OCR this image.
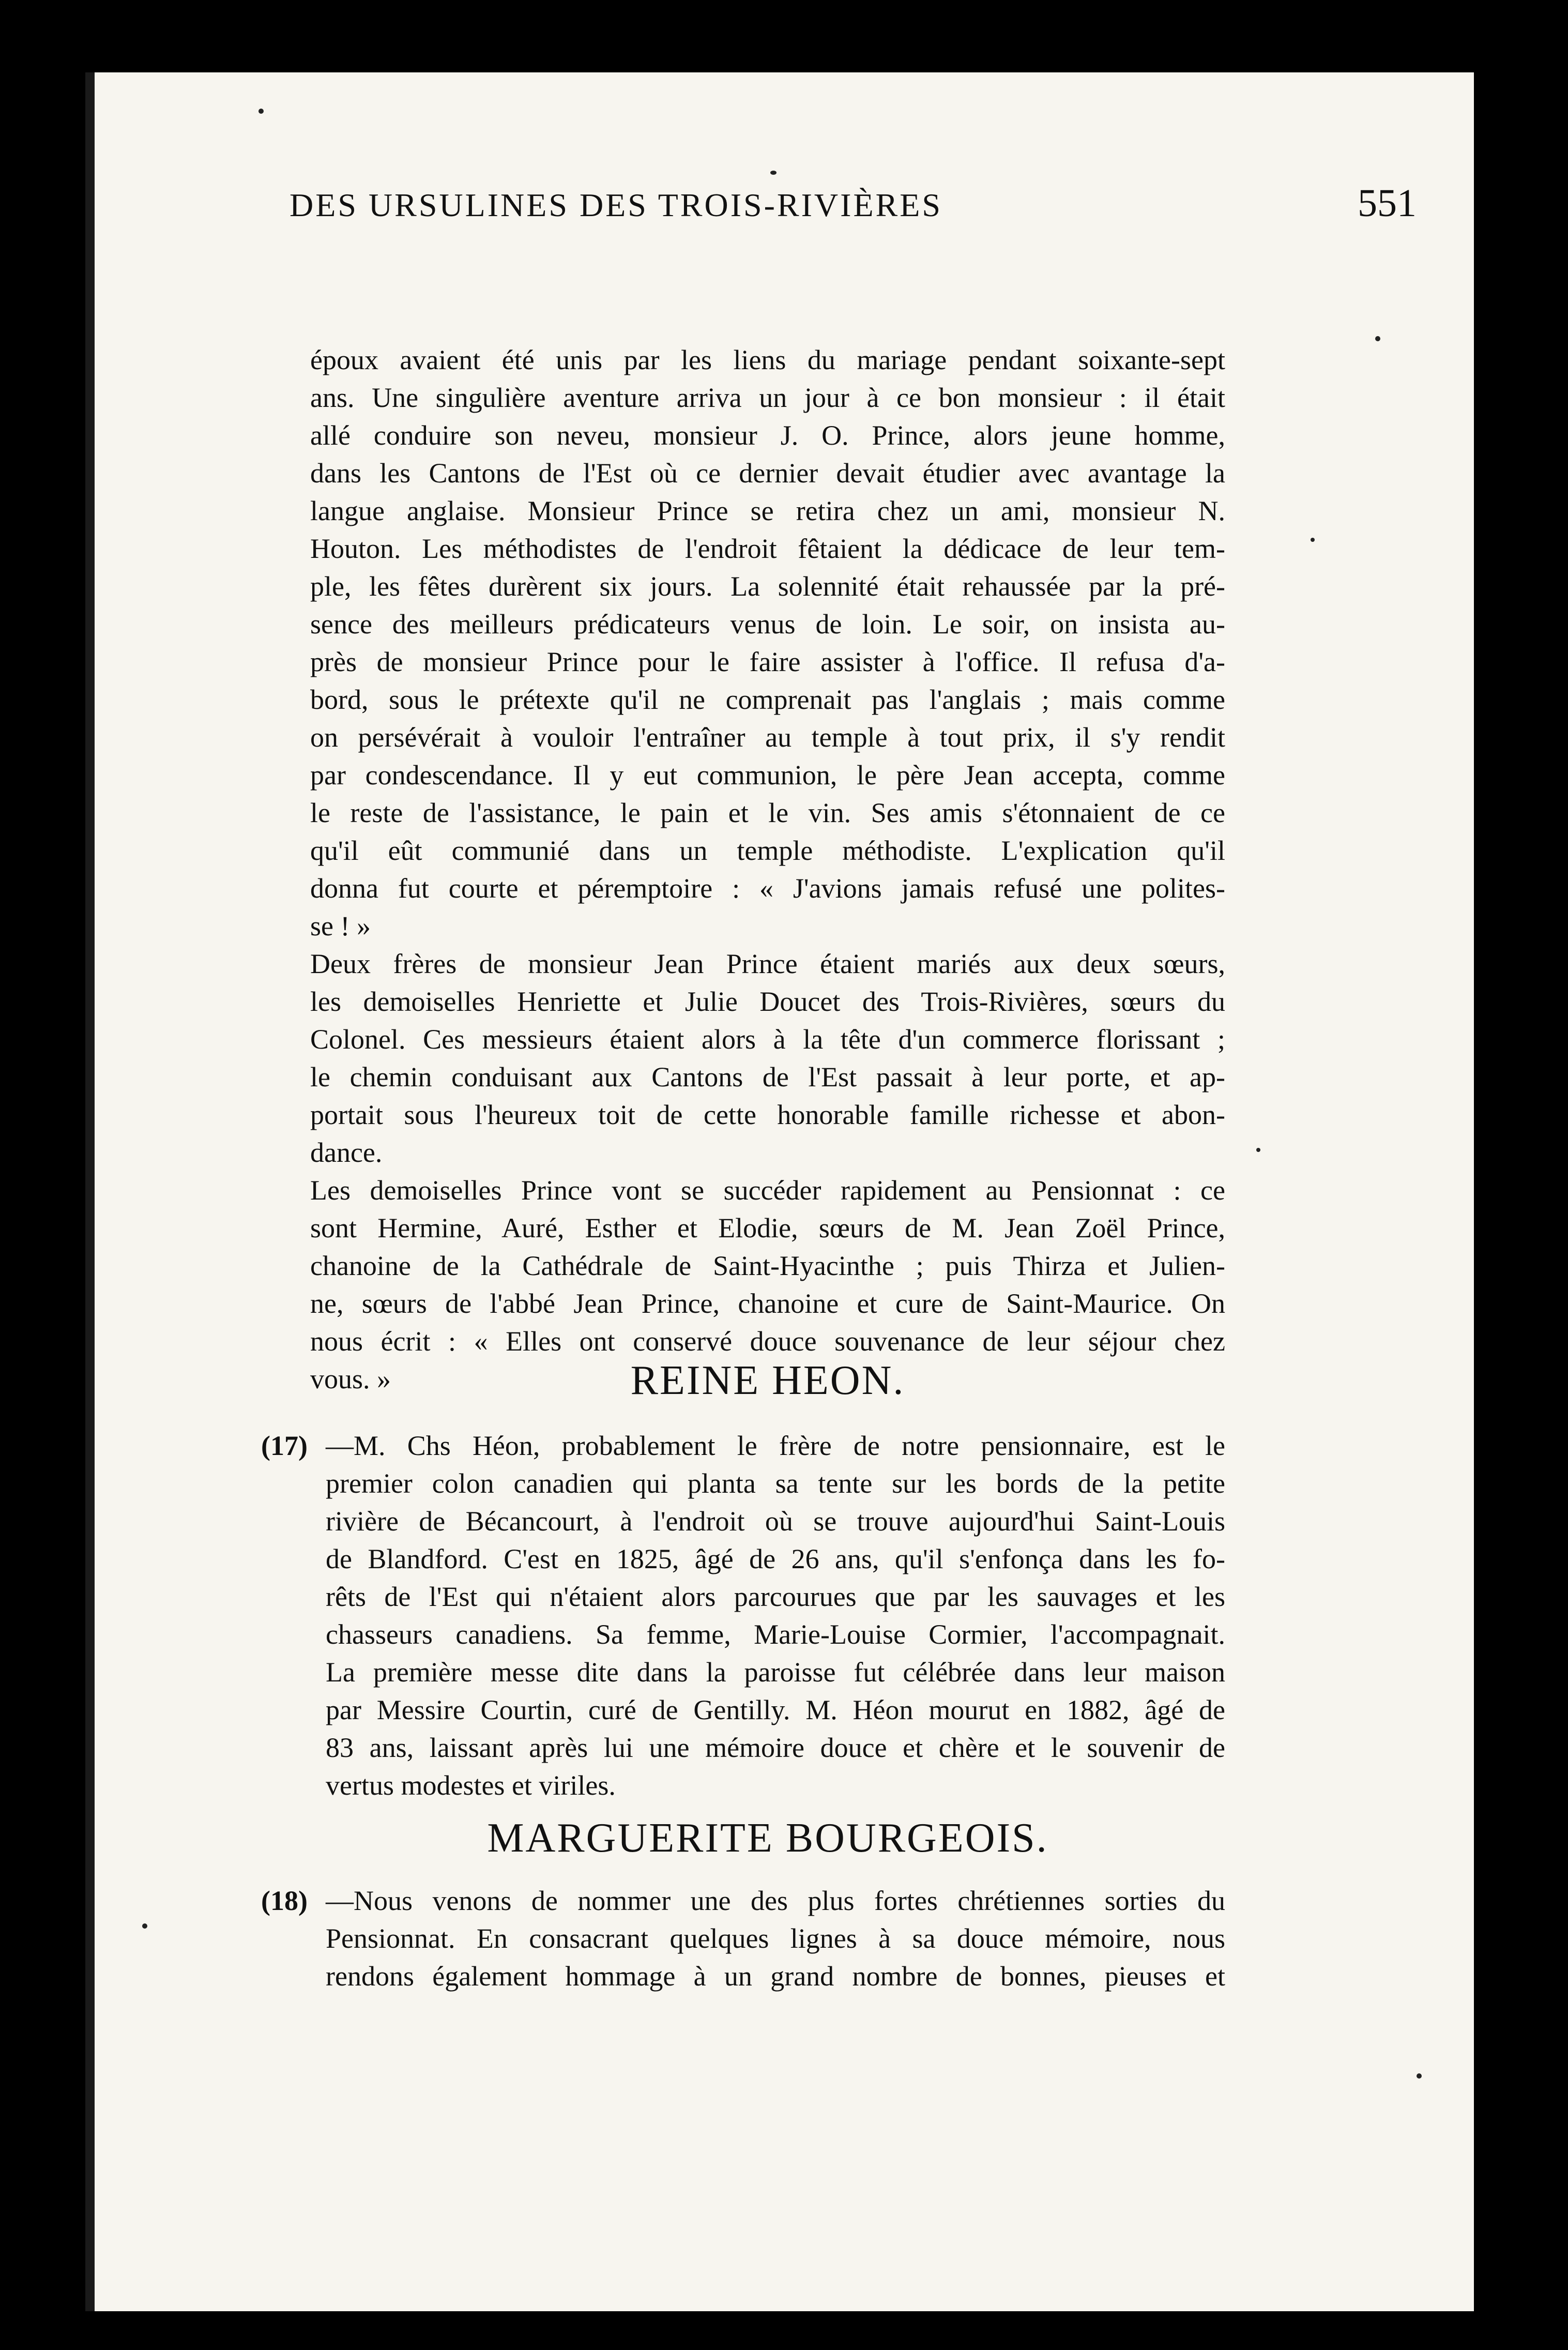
DES URSULINES DES TROIS-RIVIÈRES	551
époux avaient été unis par les liens du mariage pendant soixante-sept
ans. Une singulière aventure arriva un jour à ce bon monsieur : il était
allé conduire son neveu, monsieur J. O. Prince, alors jeune homme,
dans les Cantons de l'Est où ce dernier devait étudier avec avantage la
langue anglaise. Monsieur Prince se retira chez un ami, monsieur N.
Houton. Les méthodistes de l'endroit fêtaient la dédicace de leur tem-
ple, les fêtes durèrent six jours. La solennité était rehaussée par la pré-
sence des meilleurs prédicateurs venus de loin. Le soir, on insista au-
près de monsieur Prince pour le faire assister à l'office. Il refusa d'a-
bord, sous le prétexte qu'il ne comprenait pas l'anglais ; mais comme
on persévérait à vouloir l'entraîner au temple à tout prix, il s'y rendit
par condescendance. Il y eut communion, le père Jean accepta, comme
le reste de l'assistance, le pain et le vin. Ses amis s'étonnaient de ce
qu'il eût communié dans un temple méthodiste. L'explication qu'il
donna fut courte et péremptoire : « J'avions jamais refusé une polites-
se ! »
Deux frères de monsieur Jean Prince étaient mariés aux deux sœurs,
les demoiselles Henriette et Julie Doucet des Trois-Rivières, sœurs du
Colonel. Ces messieurs étaient alors à la tête d'un commerce florissant ;
le chemin conduisant aux Cantons de l'Est passait à leur porte, et ap-
portait sous l'heureux toit de cette honorable famille richesse et abon-
dance.
Les demoiselles Prince vont se succéder rapidement au Pensionnat : ce
sont Hermine, Auré, Esther et Elodie, sœurs de M. Jean Zoël Prince,
chanoine de la Cathédrale de Saint-Hyacinthe ; puis Thirza et Julien-
ne, sœurs de l'abbé Jean Prince, chanoine et cure de Saint-Maurice. On
nous écrit : « Elles ont conservé douce souvenance de leur séjour chez
vous. »	REINE HEON.
(17) —M. Chs Héon, probablement le frère de notre pensionnaire, est le
premier colon canadien qui planta sa tente sur les bords de la petite
rivière de Bécancourt, à l'endroit où se trouve aujourd'hui Saint-Louis
de Blandford. C'est en 1825, âgé de 26 ans, qu'il s'enfonça dans les fo-
rêts de l'Est qui n'étaient alors parcourues que par les sauvages et les
chasseurs canadiens. Sa femme, Marie-Louise Cormier, l'accompagnait.
La première messe dite dans la paroisse fut célébrée dans leur maison
par Messire Courtin, curé de Gentilly. M. Héon mourut en 1882, âgé de
83 ans, laissant après lui une mémoire douce et chère et le souvenir de
vertus modestes et viriles.
MARGUERITE BOURGEOIS.
(18) —Nous venons de nommer une des plus fortes chrétiennes sorties du
Pensionnat. En consacrant quelques lignes à sa douce mémoire, nous
rendons également hommage à un grand nombre de bonnes, pieuses et
